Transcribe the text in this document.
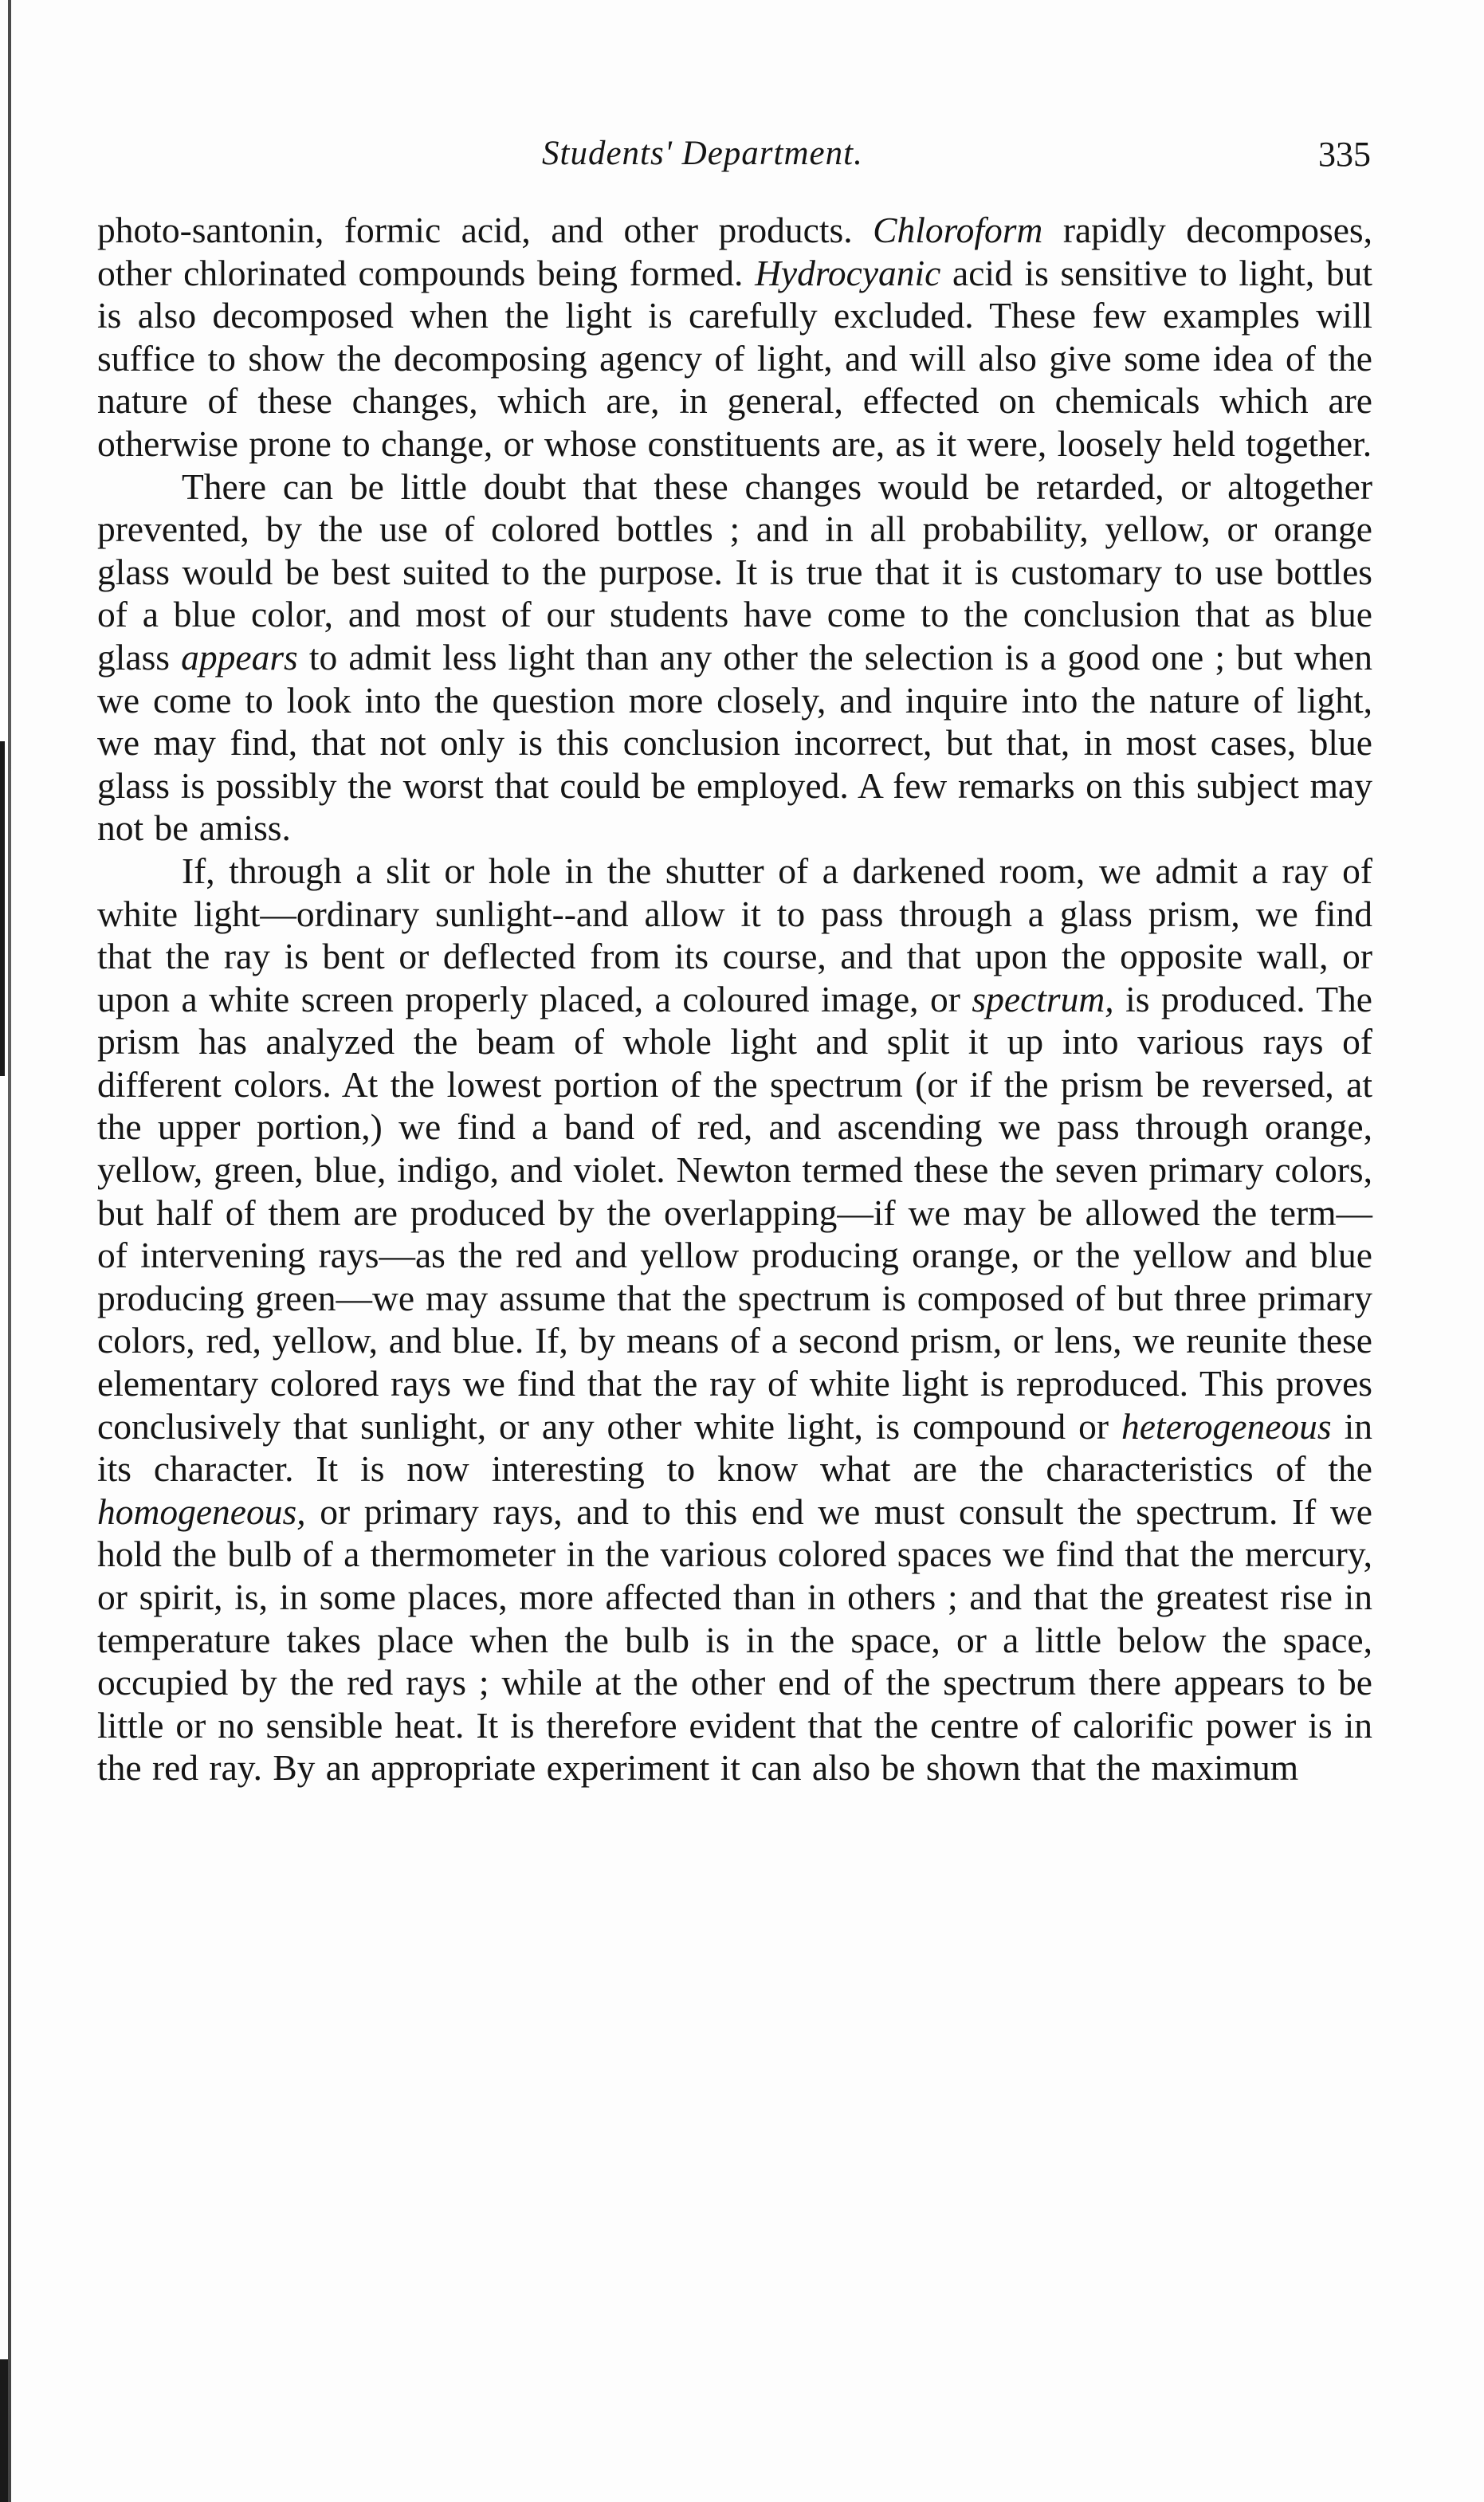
Students' Department.	335

photo-santonin, formic acid, and other products. Chloroform rapidly decomposes, other chlorinated compounds being formed. Hydrocyanic acid is sensitive to light, but is also decomposed when the light is carefully excluded. These few examples will suffice to show the decomposing agency of light, and will also give some idea of the nature of these changes, which are, in general, effected on chemicals which are otherwise prone to change, or whose constituents are, as it were, loosely held together.

There can be little doubt that these changes would be retarded, or altogether prevented, by the use of colored bottles ; and in all probability, yellow, or orange glass would be best suited to the purpose. It is true that it is customary to use bottles of a blue color, and most of our students have come to the conclusion that as blue glass appears to admit less light than any other the selection is a good one ; but when we come to look into the question more closely, and inquire into the nature of light, we may find, that not only is this conclusion incorrect, but that, in most cases, blue glass is possibly the worst that could be employed. A few remarks on this subject may not be amiss.

If, through a slit or hole in the shutter of a darkened room, we admit a ray of white light—ordinary sunlight--and allow it to pass through a glass prism, we find that the ray is bent or deflected from its course, and that upon the opposite wall, or upon a white screen properly placed, a coloured image, or spectrum, is produced. The prism has analyzed the beam of whole light and split it up into various rays of different colors. At the lowest portion of the spectrum (or if the prism be reversed, at the upper portion,) we find a band of red, and ascending we pass through orange, yellow, green, blue, indigo, and violet. Newton termed these the seven primary colors, but half of them are produced by the overlapping—if we may be allowed the term—of intervening rays—as the red and yellow producing orange, or the yellow and blue producing green—we may assume that the spectrum is composed of but three primary colors, red, yellow, and blue. If, by means of a second prism, or lens, we reunite these elementary colored rays we find that the ray of white light is reproduced. This proves conclusively that sunlight, or any other white light, is compound or heterogeneous in its character. It is now interesting to know what are the characteristics of the homogeneous, or primary rays, and to this end we must consult the spectrum. If we hold the bulb of a thermometer in the various colored spaces we find that the mercury, or spirit, is, in some places, more affected than in others ; and that the greatest rise in temperature takes place when the bulb is in the space, or a little below the space, occupied by the red rays ; while at the other end of the spectrum there appears to be little or no sensible heat. It is therefore evident that the centre of calorific power is in the red ray. By an appropriate experiment it can also be shown that the maximum
